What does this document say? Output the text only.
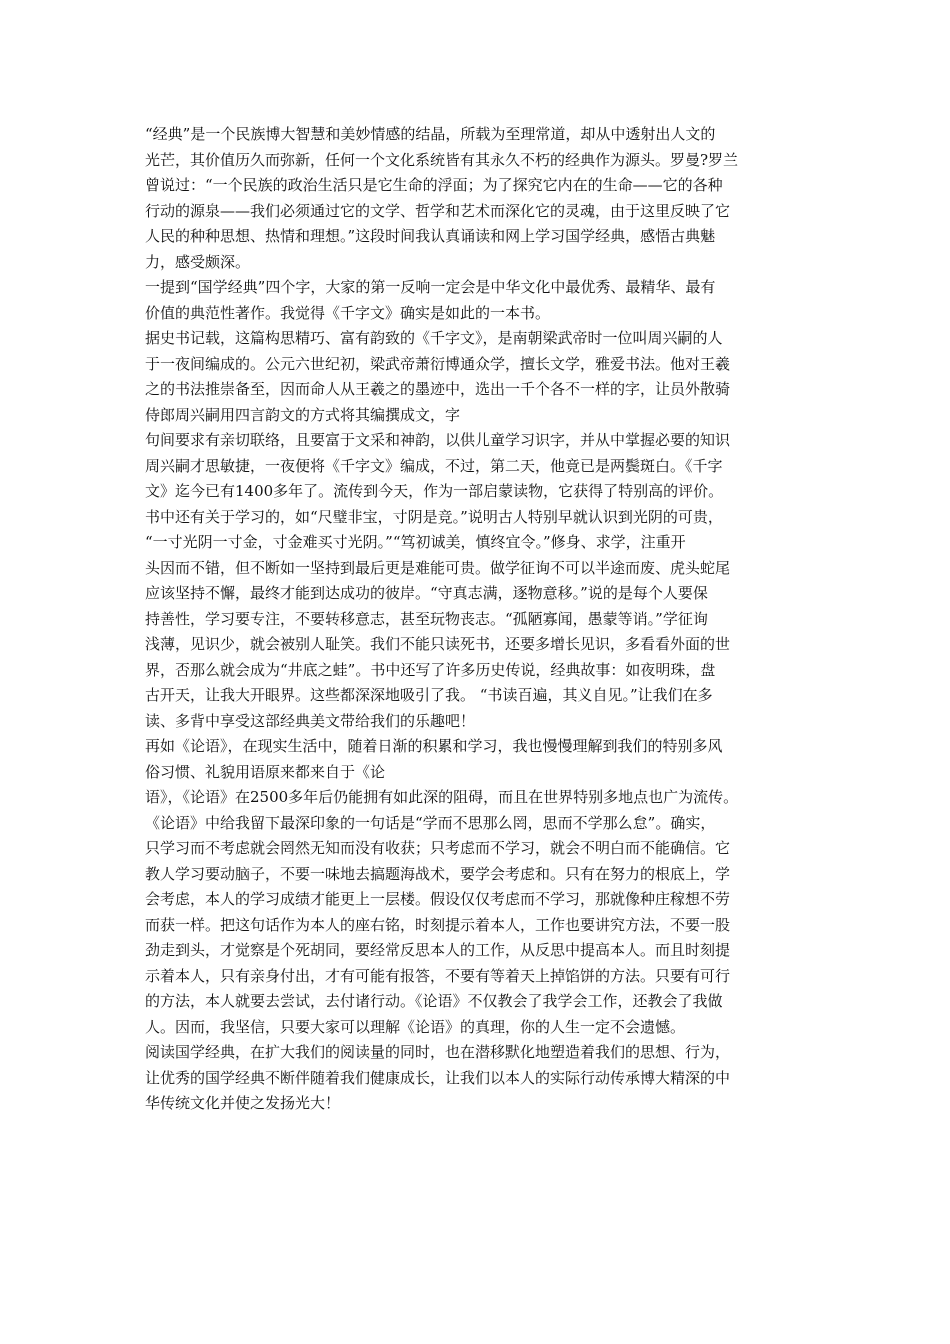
“经典”是一个民族博大智慧和美妙情感的结晶，所载为至理常道，却从中透射出人文的
光芒，其价值历久而弥新，任何一个文化系统皆有其永久不朽的经典作为源头。罗曼?罗兰
曾说过：“一个民族的政治生活只是它生命的浮面；为了探究它内在的生命——它的各种
行动的源泉——我们必须通过它的文学、哲学和艺术而深化它的灵魂，由于这里反映了它
人民的种种思想、热情和理想。”这段时间我认真诵读和网上学习国学经典，感悟古典魅
力，感受颇深。
一提到“国学经典”四个字，大家的第一反响一定会是中华文化中最优秀、最精华、最有
价值的典范性著作。我觉得《千字文》确实是如此的一本书。
据史书记载，这篇构思精巧、富有韵致的《千字文》，是南朝梁武帝时一位叫周兴嗣的人
于一夜间编成的。公元六世纪初，梁武帝萧衍博通众学，擅长文学，雅爱书法。他对王羲
之的书法推崇备至，因而命人从王羲之的墨迹中，选出一千个各不一样的字，让员外散骑
侍郎周兴嗣用四言韵文的方式将其编撰成文，字
句间要求有亲切联络，且要富于文采和神韵，以供儿童学习识字，并从中掌握必要的知识
周兴嗣才思敏捷，一夜便将《千字文》编成，不过，第二天，他竟已是两鬓斑白。《千字
文》迄今已有1400多年了。流传到今天，作为一部启蒙读物，它获得了特别高的评价。
书中还有关于学习的，如“尺璧非宝，寸阴是竞。”说明古人特别早就认识到光阴的可贵，
“一寸光阴一寸金，寸金难买寸光阴。”“笃初诚美，慎终宜令。”修身、求学，注重开
头因而不错，但不断如一坚持到最后更是难能可贵。做学征询不可以半途而废、虎头蛇尾
应该坚持不懈，最终才能到达成功的彼岸。“守真志满，逐物意移。”说的是每个人要保
持善性，学习要专注，不要转移意志，甚至玩物丧志。“孤陋寡闻，愚蒙等诮。”学征询
浅薄，见识少，就会被别人耻笑。我们不能只读死书，还要多增长见识，多看看外面的世
界，否那么就会成为“井底之蛙”。书中还写了许多历史传说，经典故事：如夜明珠，盘
古开天，让我大开眼界。这些都深深地吸引了我。 “书读百遍，其义自见。”让我们在多
读、多背中享受这部经典美文带给我们的乐趣吧！
再如《论语》，在现实生活中，随着日渐的积累和学习，我也慢慢理解到我们的特别多风
俗习惯、礼貌用语原来都来自于《论
语》，《论语》在2500多年后仍能拥有如此深的阻碍，而且在世界特别多地点也广为流传。
《论语》中给我留下最深印象的一句话是“学而不思那么罔，思而不学那么怠”。确实，
只学习而不考虑就会罔然无知而没有收获；只考虑而不学习，就会不明白而不能确信。它
教人学习要动脑子，不要一味地去搞题海战术，要学会考虑和。只有在努力的根底上，学
会考虑，本人的学习成绩才能更上一层楼。假设仅仅考虑而不学习，那就像种庄稼想不劳
而获一样。把这句话作为本人的座右铭，时刻提示着本人，工作也要讲究方法，不要一股
劲走到头，才觉察是个死胡同，要经常反思本人的工作，从反思中提高本人。而且时刻提
示着本人，只有亲身付出，才有可能有报答，不要有等着天上掉馅饼的方法。只要有可行
的方法，本人就要去尝试，去付诸行动。《论语》不仅教会了我学会工作，还教会了我做
人。因而，我坚信，只要大家可以理解《论语》的真理，你的人生一定不会遗憾。
阅读国学经典，在扩大我们的阅读量的同时，也在潜移默化地塑造着我们的思想、行为，
让优秀的国学经典不断伴随着我们健康成长，让我们以本人的实际行动传承博大精深的中
华传统文化并使之发扬光大！
